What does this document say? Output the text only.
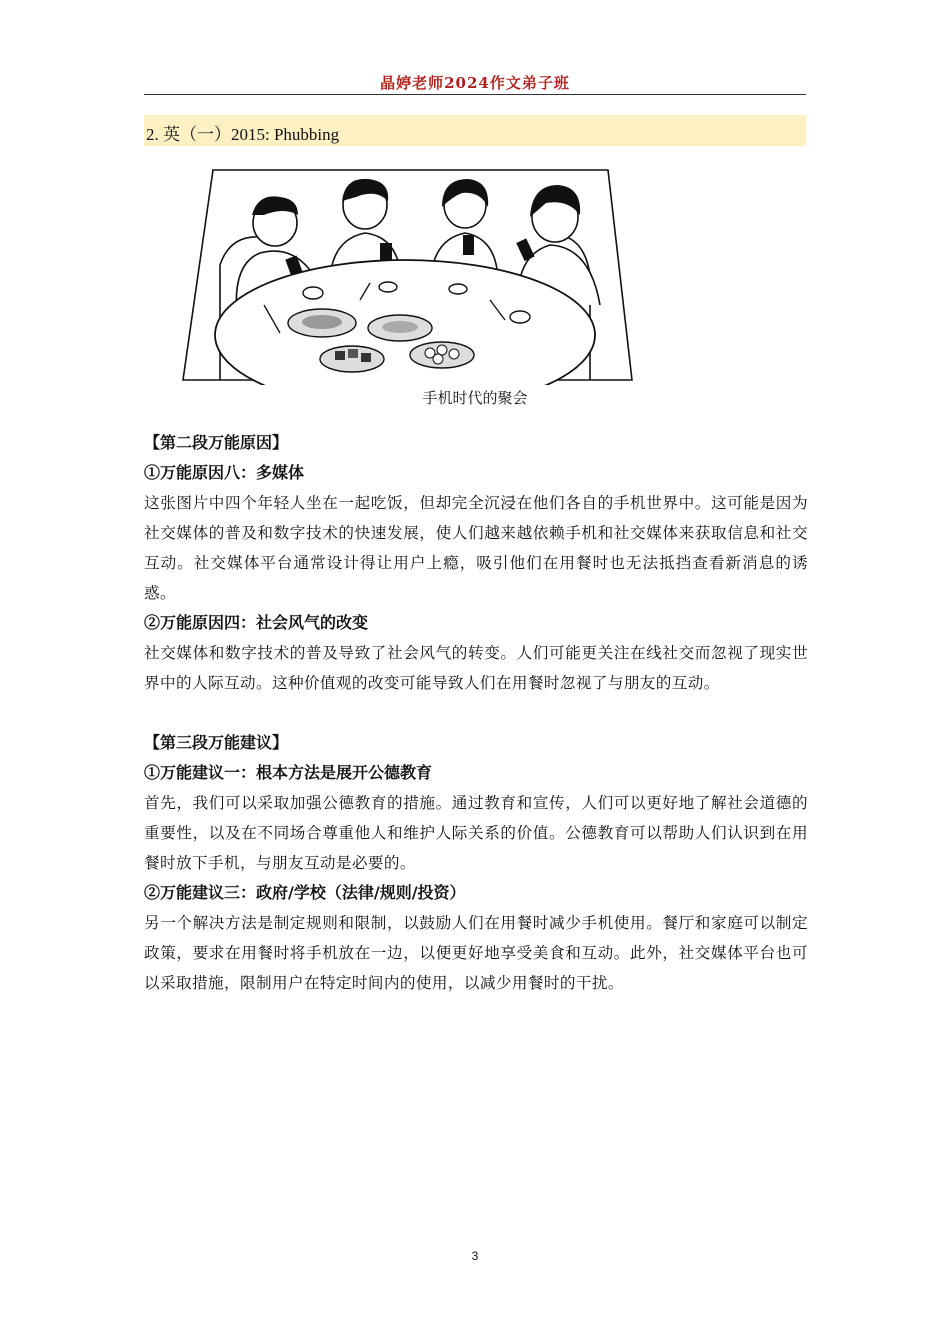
晶婷老师2024作文弟子班
2. 英（一）2015: Phubbing
手机时代的聚会
【第二段万能原因】
①万能原因八：多媒体

这张图片中四个年轻人坐在一起吃饭，但却完全沉浸在他们各自的手机世界中。这可能是因为社交媒体的普及和数字技术的快速发展，使人们越来越依赖手机和社交媒体来获取信息和社交互动。社交媒体平台通常设计得让用户上瘾，吸引他们在用餐时也无法抵挡查看新消息的诱惑。

②万能原因四：社会风气的改变

社交媒体和数字技术的普及导致了社会风气的转变。人们可能更关注在线社交而忽视了现实世界中的人际互动。这种价值观的改变可能导致人们在用餐时忽视了与朋友的互动。

【第三段万能建议】
①万能建议一：根本方法是展开公德教育

首先，我们可以采取加强公德教育的措施。通过教育和宣传，人们可以更好地了解社会道德的重要性，以及在不同场合尊重他人和维护人际关系的价值。公德教育可以帮助人们认识到在用餐时放下手机，与朋友互动是必要的。

②万能建议三：政府/学校（法律/规则/投资）

另一个解决方法是制定规则和限制，以鼓励人们在用餐时减少手机使用。餐厅和家庭可以制定政策，要求在用餐时将手机放在一边，以便更好地享受美食和互动。此外，社交媒体平台也可以采取措施，限制用户在特定时间内的使用，以减少用餐时的干扰。

3
